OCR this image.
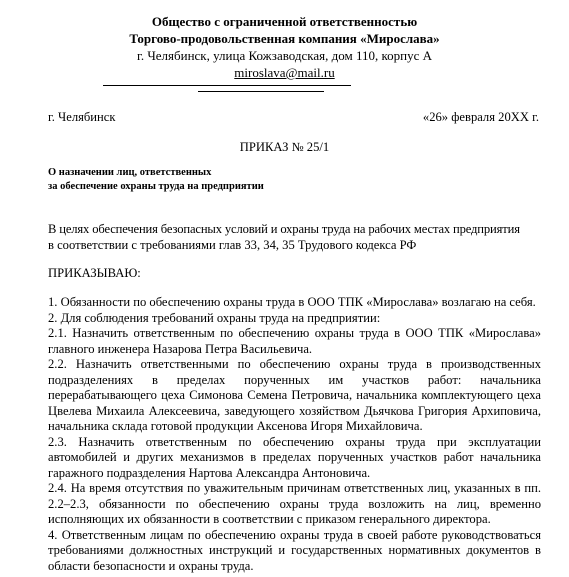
Общество с ограниченной ответственностью
Торгово-продовольственная компания «Мирослава»
г. Челябинск, улица Кожзаводская, дом 110, корпус А
miroslava@mail.ru
г. Челябинск	«26» февраля 20ХХ г.
ПРИКАЗ № 25/1
О назначении лиц, ответственных
за обеспечение охраны труда на предприятии
В целях обеспечения безопасных условий и охраны труда на рабочих местах предприятия
в соответствии с требованиями глав 33, 34, 35 Трудового кодекса РФ
ПРИКАЗЫВАЮ:

1. Обязанности по обеспечению охраны труда в ООО ТПК «Мирослава» возлагаю на себя.

2. Для соблюдения требований охраны труда на предприятии:

2.1. Назначить ответственным по обеспечению охраны труда в ООО ТПК «Мирослава» главного инженера Назарова Петра Васильевича.

2.2. Назначить ответственными по обеспечению охраны труда в производственных подразделениях в пределах порученных им участков работ: начальника перерабатывающего цеха Симонова Семена Петровича, начальника комплектующего цеха Цвелева Михаила Алексеевича, заведующего хозяйством Дьячкова Григория Архиповича, начальника склада готовой продукции Аксенова Игоря Михайловича.

2.3. Назначить ответственным по обеспечению охраны труда при эксплуатации автомобилей и других механизмов в пределах порученных участков работ начальника гаражного подразделения Нартова Александра Антоновича.

2.4. На время отсутствия по уважительным причинам ответственных лиц, указанных в пп. 2.2–2.3, обязанности по обеспечению охраны труда возложить на лиц, временно исполняющих их обязанности в соответствии с приказом генерального директора.

4. Ответственным лицам по обеспечению охраны труда в своей работе руководствоваться требованиями должностных инструкций и государственных нормативных документов в области безопасности и охраны труда.
